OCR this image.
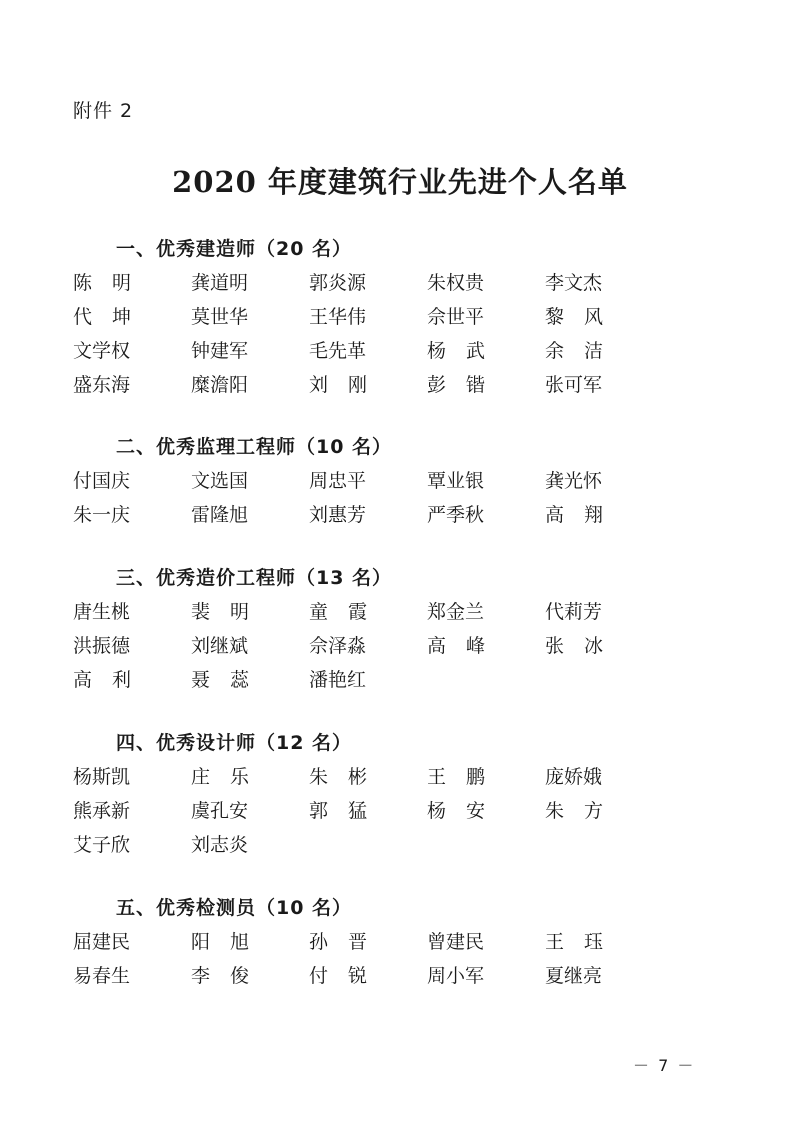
附件 2
2020 年度建筑行业先进个人名单
一、优秀建造师（20 名）
陈明	龚道明	郭炎源	朱权贵	李文杰
代坤	莫世华	王华伟	佘世平	黎风
文学权	钟建军	毛先革	杨武	余洁
盛东海	糜澹阳	刘刚	彭锴	张可军
二、优秀监理工程师（10 名）
付国庆	文选国	周忠平	覃业银	龚光怀
朱一庆	雷隆旭	刘惠芳	严季秋	高翔
三、优秀造价工程师（13 名）
唐生桃	裴明	童霞	郑金兰	代莉芳
洪振德	刘继斌	佘泽淼	高峰	张冰
高利	聂蕊	潘艳红
四、优秀设计师（12 名）
杨斯凯	庄乐	朱彬	王鹏	庞娇娥
熊承新	虞孔安	郭猛	杨安	朱方
艾子欣	刘志炎
五、优秀检测员（10 名）
屈建民	阳旭	孙晋	曾建民	王珏
易春生	李俊	付锐	周小军	夏继亮
－ 7 －
